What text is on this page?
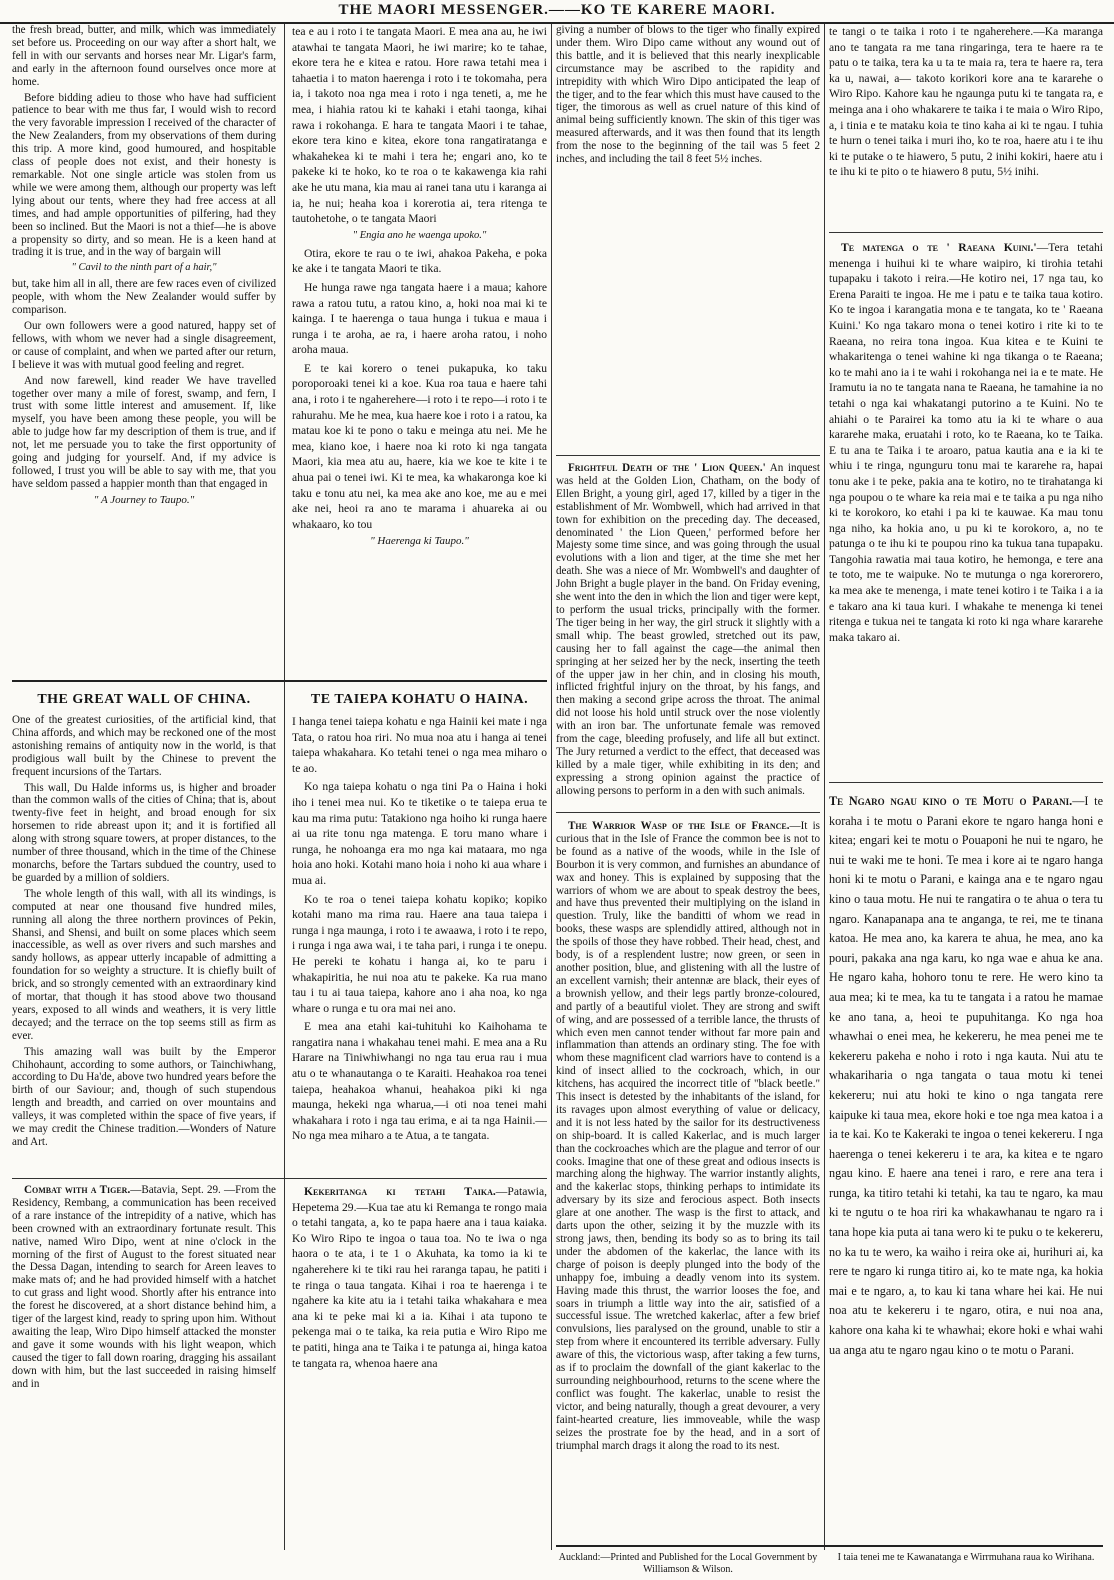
THE MAORI MESSENGER.——KO TE KARERE MAORI.

the fresh bread, butter, and milk, which was immediately set before us. Proceeding on our way after a short halt, we fell in with our servants and horses near Mr. Ligar's farm, and early in the afternoon found ourselves once more at home.

Before bidding adieu to those who have had sufficient patience to bear with me thus far, I would wish to record the very favorable impression I received of the character of the New Zealanders, from my observations of them during this trip. A more kind, good humoured, and hospitable class of people does not exist, and their honesty is remarkable. Not one single article was stolen from us while we were among them, although our property was left lying about our tents, where they had free access at all times, and had ample opportunities of pilfering, had they been so inclined. But the Maori is not a thief—he is above a propensity so dirty, and so mean. He is a keen hand at trading it is true, and in the way of bargain will

" Cavil to the ninth part of a hair,"

but, take him all in all, there are few races even of civilized people, with whom the New Zealander would suffer by comparison.

Our own followers were a good natured, happy set of fellows, with whom we never had a single disagreement, or cause of complaint, and when we parted after our return, I believe it was with mutual good feeling and regret.

And now farewell, kind reader We have travelled together over many a mile of forest, swamp, and fern, I trust with some little interest and amusement. If, like myself, you have been among these people, you will be able to judge how far my description of them is true, and if not, let me persuade you to take the first opportunity of going and judging for yourself. And, if my advice is followed, I trust you will be able to say with me, that you have seldom passed a happier month than that engaged in

" A Journey to Taupo."
THE GREAT WALL OF CHINA.

One of the greatest curiosities, of the artificial kind, that China affords, and which may be reckoned one of the most astonishing remains of antiquity now in the world, is that prodigious wall built by the Chinese to prevent the frequent incursions of the Tartars.

This wall, Du Halde informs us, is higher and broader than the common walls of the cities of China; that is, about twenty-five feet in height, and broad enough for six horsemen to ride abreast upon it; and it is fortified all along with strong square towers, at proper distances, to the number of three thousand, which in the time of the Chinese monarchs, before the Tartars subdued the country, used to be guarded by a million of soldiers.

The whole length of this wall, with all its windings, is computed at near one thousand five hundred miles, running all along the three northern provinces of Pekin, Shansi, and Shensi, and built on some places which seem inaccessible, as well as over rivers and such marshes and sandy hollows, as appear utterly incapable of admitting a foundation for so weighty a structure. It is chiefly built of brick, and so strongly cemented with an extraordinary kind of mortar, that though it has stood above two thousand years, exposed to all winds and weathers, it is very little decayed; and the terrace on the top seems still as firm as ever.

This amazing wall was built by the Emperor Chihohaunt, according to some authors, or Tainchiwhang, according to Du Ha'de, above two hundred years before the birth of our Saviour; and, though of such stupendous length and breadth, and carried on over mountains and valleys, it was completed within the space of five years, if we may credit the Chinese tradition.—Wonders of Nature and Art.

Combat with a Tiger.—Batavia, Sept. 29. —From the Residency, Rembang, a communication has been received of a rare instance of the intrepidity of a native, which has been crowned with an extraordinary fortunate result. This native, named Wiro Dipo, went at nine o'clock in the morning of the first of August to the forest situated near the Dessa Dagan, intending to search for Areen leaves to make mats of; and he had provided himself with a hatchet to cut grass and light wood. Shortly after his entrance into the forest he discovered, at a short distance behind him, a tiger of the largest kind, ready to spring upon him. Without awaiting the leap, Wiro Dipo himself attacked the monster and gave it some wounds with his light weapon, which caused the tiger to fall down roaring, dragging his assailant down with him, but the last succeeded in raising himself and in

tea e au i roto i te tangata Maori. E mea ana au, he iwi atawhai te tangata Maori, he iwi marire; ko te tahae, ekore tera he e kitea e ratou. Hore rawa tetahi mea i tahaetia i to maton haerenga i roto i te tokomaha, pera ia, i takoto noa nga mea i roto i nga teneti, a, me he mea, i hiahia ratou ki te kahaki i etahi taonga, kihai rawa i rokohanga. E hara te tangata Maori i te tahae, ekore tera kino e kitea, ekore tona rangatiratanga e whakahekea ki te mahi i tera he; engari ano, ko te pakeke ki te hoko, ko te roa o te kakawenga kia rahi ake he utu mana, kia mau ai ranei tana utu i karanga ai ia, he nui; heaha koa i korerotia ai, tera ritenga te tautohetohe, o te tangata Maori

" Engia ano he waenga upoko."

Otira, ekore te rau o te iwi, ahakoa Pakeha, e poka ke ake i te tangata Maori te tika.

He hunga rawe nga tangata haere i a maua; kahore rawa a ratou tutu, a ratou kino, a, hoki noa mai ki te kainga. I te haerenga o taua hunga i tukua e maua i runga i te aroha, ae ra, i haere aroha ratou, i noho aroha maua.

E te kai korero o tenei pukapuka, ko taku poroporoaki tenei ki a koe. Kua roa taua e haere tahi ana, i roto i te ngaherehere—i roto i te repo—i roto i te rahurahu. Me he mea, kua haere koe i roto i a ratou, ka matau koe ki te pono o taku e meinga atu nei. Me he mea, kiano koe, i haere noa ki roto ki nga tangata Maori, kia mea atu au, haere, kia we koe te kite i te ahua pai o tenei iwi. Ki te mea, ka whakaronga koe ki taku e tonu atu nei, ka mea ake ano koe, me au e mei ake nei, heoi ra ano te marama i ahuareka ai ou whakaaro, ko tou

" Haerenga ki Taupo."
TE TAIEPA KOHATU O HAINA.

I hanga tenei taiepa kohatu e nga Hainii kei mate i nga Tata, o ratou hoa riri. No mua noa atu i hanga ai tenei taiepa whakahara. Ko tetahi tenei o nga mea miharo o te ao.

Ko nga taiepa kohatu o nga tini Pa o Haina i hoki iho i tenei mea nui. Ko te tiketike o te taiepa erua te kau ma rima putu: Tatakiono nga hoiho ki runga haere ai ua rite tonu nga matenga. E toru mano whare i runga, he nohoanga era mo nga kai mataara, mo nga hoia ano hoki. Kotahi mano hoia i noho ki aua whare i mua ai.

Ko te roa o tenei taiepa kohatu kopiko; kopiko kotahi mano ma rima rau. Haere ana taua taiepa i runga i nga maunga, i roto i te awaawa, i roto i te repo, i runga i nga awa wai, i te taha pari, i runga i te onepu. He pereki te kohatu i hanga ai, ko te paru i whakapiritia, he nui noa atu te pakeke. Ka rua mano tau i tu ai taua taiepa, kahore ano i aha noa, ko nga whare o runga e tu ora mai nei ano.

E mea ana etahi kai-tuhituhi ko Kaihohama te rangatira nana i whakahau tenei mahi. E mea ana a Ru Harare na Tiniwhiwhangi no nga tau erua rau i mua atu o te whanautanga o te Karaiti. Heahakoa roa tenei taiepa, heahakoa whanui, heahakoa piki ki nga maunga, hekeki nga wharua,—i oti noa tenei mahi whakahara i roto i nga tau erima, e ai ta nga Hainii.—No nga mea miharo a te Atua, a te tangata.

Kekeritanga ki tetahi Taika.—Patawia, Hepetema 29.—Kua tae atu ki Remanga te rongo maia o tetahi tangata, a, ko te papa haere ana i taua kaiaka. Ko Wiro Ripo te ingoa o taua toa. No te iwa o nga haora o te ata, i te 1 o Akuhata, ka tomo ia ki te ngaherehere ki te tiki rau hei raranga tapau, he patiti i te ringa o taua tangata. Kihai i roa te haerenga i te ngahere ka kite atu ia i tetahi taika whakahara e mea ana ki te peke mai ki a ia. Kihai i ata tupono te pekenga mai o te taika, ka reia putia e Wiro Ripo me te patiti, hinga ana te Taika i te patunga ai, hinga katoa te tangata ra, whenoa haere ana

giving a number of blows to the tiger who finally expired under them. Wiro Dipo came without any wound out of this battle, and it is believed that this nearly inexplicable circumstance may be ascribed to the rapidity and intrepidity with which Wiro Dipo anticipated the leap of the tiger, and to the fear which this must have caused to the tiger, the timorous as well as cruel nature of this kind of animal being sufficiently known. The skin of this tiger was measured afterwards, and it was then found that its length from the nose to the beginning of the tail was 5 feet 2 inches, and including the tail 8 feet 5½ inches.

Frightful Death of the ' Lion Queen.' An inquest was held at the Golden Lion, Chatham, on the body of Ellen Bright, a young girl, aged 17, killed by a tiger in the establishment of Mr. Wombwell, which had arrived in that town for exhibition on the preceding day. The deceased, denominated ' the Lion Queen,' performed before her Majesty some time since, and was going through the usual evolutions with a lion and tiger, at the time she met her death. She was a niece of Mr. Wombwell's and daughter of John Bright a bugle player in the band. On Friday evening, she went into the den in which the lion and tiger were kept, to perform the usual tricks, principally with the former. The tiger being in her way, the girl struck it slightly with a small whip. The beast growled, stretched out its paw, causing her to fall against the cage—the animal then springing at her seized her by the neck, inserting the teeth of the upper jaw in her chin, and in closing his mouth, inflicted frightful injury on the throat, by his fangs, and then making a second gripe across the throat. The animal did not loose his hold until struck over the nose violently with an iron bar. The unfortunate female was removed from the cage, bleeding profusely, and life all but extinct. The Jury returned a verdict to the effect, that deceased was killed by a male tiger, while exhibiting in its den; and expressing a strong opinion against the practice of allowing persons to perform in a den with such animals.

The Warrior Wasp of the Isle of France.—It is curious that in the Isle of France the common bee is not to be found as a native of the woods, while in the Isle of Bourbon it is very common, and furnishes an abundance of wax and honey. This is explained by supposing that the warriors of whom we are about to speak destroy the bees, and have thus prevented their multiplying on the island in question. Truly, like the banditti of whom we read in books, these wasps are splendidly attired, although not in the spoils of those they have robbed. Their head, chest, and body, is of a resplendent lustre; now green, or seen in another position, blue, and glistening with all the lustre of an excellent varnish; their antennæ are black, their eyes of a brownish yellow, and their legs partly bronze-coloured, and partly of a beautiful violet. They are strong and swift of wing, and are possessed of a terrible lance, the thrusts of which even men cannot tender without far more pain and inflammation than attends an ordinary sting. The foe with whom these magnificent clad warriors have to contend is a kind of insect allied to the cockroach, which, in our kitchens, has acquired the incorrect title of "black beetle." This insect is detested by the inhabitants of the island, for its ravages upon almost everything of value or delicacy, and it is not less hated by the sailor for its destructiveness on ship-board. It is called Kakerlac, and is much larger than the cockroaches which are the plague and terror of our cooks. Imagine that one of these great and odious insects is marching along the highway. The warrior instantly alights, and the kakerlac stops, thinking perhaps to intimidate its adversary by its size and ferocious aspect. Both insects glare at one another. The wasp is the first to attack, and darts upon the other, seizing it by the muzzle with its strong jaws, then, bending its body so as to bring its tail under the abdomen of the kakerlac, the lance with its charge of poison is deeply plunged into the body of the unhappy foe, imbuing a deadly venom into its system. Having made this thrust, the warrior looses the foe, and soars in triumph a little way into the air, satisfied of a successful issue. The wretched kakerlac, after a few brief convulsions, lies paralysed on the ground, unable to stir a step from where it encountered its terrible adversary. Fully aware of this, the victorious wasp, after taking a few turns, as if to proclaim the downfall of the giant kakerlac to the surrounding neighbourhood, returns to the scene where the conflict was fought. The kakerlac, unable to resist the victor, and being naturally, though a great devourer, a very faint-hearted creature, lies immoveable, while the wasp seizes the prostrate foe by the head, and in a sort of triumphal march drags it along the road to its nest.

te tangi o te taika i roto i te ngaherehere.—Ka maranga ano te tangata ra me tana ringaringa, tera te haere ra te patu o te taika, tera ka u ta te maia ra, tera te haere ra, tera ka u, nawai, a— takoto korikori kore ana te kararehe o Wiro Ripo. Kahore kau he ngaunga putu ki te tangata ra, e meinga ana i oho whakarere te taika i te maia o Wiro Ripo, a, i tinia e te mataku koia te tino kaha ai ki te ngau. I tuhia te hurn o tenei taika i muri iho, ko te roa, haere atu i te ihu ki te putake o te hiawero, 5 putu, 2 inihi kokiri, haere atu i te ihu ki te pito o te hiawero 8 putu, 5½ inihi.

Te matenga o te ' Raeana Kuini.'—Tera tetahi menenga i huihui ki te whare waipiro, ki tirohia tetahi tupapaku i takoto i reira.—He kotiro nei, 17 nga tau, ko Erena Paraiti te ingoa. He me i patu e te taika taua kotiro. Ko te ingoa i karangatia mona e te tangata, ko te ' Raeana Kuini.' Ko nga takaro mona o tenei kotiro i rite ki to te Raeana, no reira tona ingoa. Kua kitea e te Kuini te whakaritenga o tenei wahine ki nga tikanga o te Raeana; ko te mahi ano ia i te wahi i rokohanga nei ia e te mate. He Iramutu ia no te tangata nana te Raeana, he tamahine ia no tetahi o nga kai whakatangi putorino a te Kuini. No te ahiahi o te Parairei ka tomo atu ia ki te whare o aua kararehe maka, eruatahi i roto, ko te Raeana, ko te Taika. E tu ana te Taika i te aroaro, patua kautia ana e ia ki te whiu i te ringa, ngunguru tonu mai te kararehe ra, hapai tonu ake i te peke, pakia ana te kotiro, no te tirahatanga ki nga poupou o te whare ka reia mai e te taika a pu nga niho ki te korokoro, ko etahi i pa ki te kauwae. Ka mau tonu nga niho, ka hokia ano, u pu ki te korokoro, a, no te patunga o te ihu ki te poupou rino ka tukua tana tupapaku. Tangohia rawatia mai taua kotiro, he hemonga, e tere ana te toto, me te waipuke. No te mutunga o nga korerorero, ka mea ake te menenga, i mate tenei kotiro i te Taika i a ia e takaro ana ki taua kuri. I whakahe te menenga ki tenei ritenga e tukua nei te tangata ki roto ki nga whare kararehe maka takaro ai.

Te Ngaro ngau kino o te Motu o Parani.—I te koraha i te motu o Parani ekore te ngaro hanga honi e kitea; engari kei te motu o Pouaponi he nui te ngaro, he nui te waki me te honi. Te mea i kore ai te ngaro hanga honi ki te motu o Parani, e kainga ana e te ngaro ngau kino o taua motu. He nui te rangatira o te ahua o tera tu ngaro. Kanapanapa ana te anganga, te rei, me te tinana katoa. He mea ano, ka karera te ahua, he mea, ano ka pouri, pakaka ana nga karu, ko nga wae e ahua ke ana. He ngaro kaha, hohoro tonu te rere. He wero kino ta aua mea; ki te mea, ka tu te tangata i a ratou he mamae ke ano tana, a, heoi te pupuhitanga. Ko nga hoa whawhai o enei mea, he kekereru, he mea penei me te kekereru pakeha e noho i roto i nga kauta. Nui atu te whakariharia o nga tangata o taua motu ki tenei kekereru; nui atu hoki te kino o nga tangata rere kaipuke ki taua mea, ekore hoki e toe nga mea katoa i a ia te kai. Ko te Kakeraki te ingoa o tenei kekereru. I nga haerenga o tenei kekereru i te ara, ka kitea e te ngaro ngau kino. E haere ana tenei i raro, e rere ana tera i runga, ka titiro tetahi ki tetahi, ka tau te ngaro, ka mau ki te ngutu o te hoa riri ka whakawhanau te ngaro ra i tana hope kia puta ai tana wero ki te puku o te kekereru, no ka tu te wero, ka waiho i reira oke ai, hurihuri ai, ka rere te ngaro ki runga titiro ai, ko te mate nga, ka hokia mai e te ngaro, a, to kau ki tana whare hei kai. He nui noa atu te kekereru i te ngaro, otira, e nui noa ana, kahore ona kaha ki te whawhai; ekore hoki e whai wahi ua anga atu te ngaro ngau kino o te motu o Parani.

Auckland:—Printed and Published for the Local Government by Williamson & Wilson.
I taia tenei me te Kawanatanga e Wirrmuhana raua ko Wirihana.
